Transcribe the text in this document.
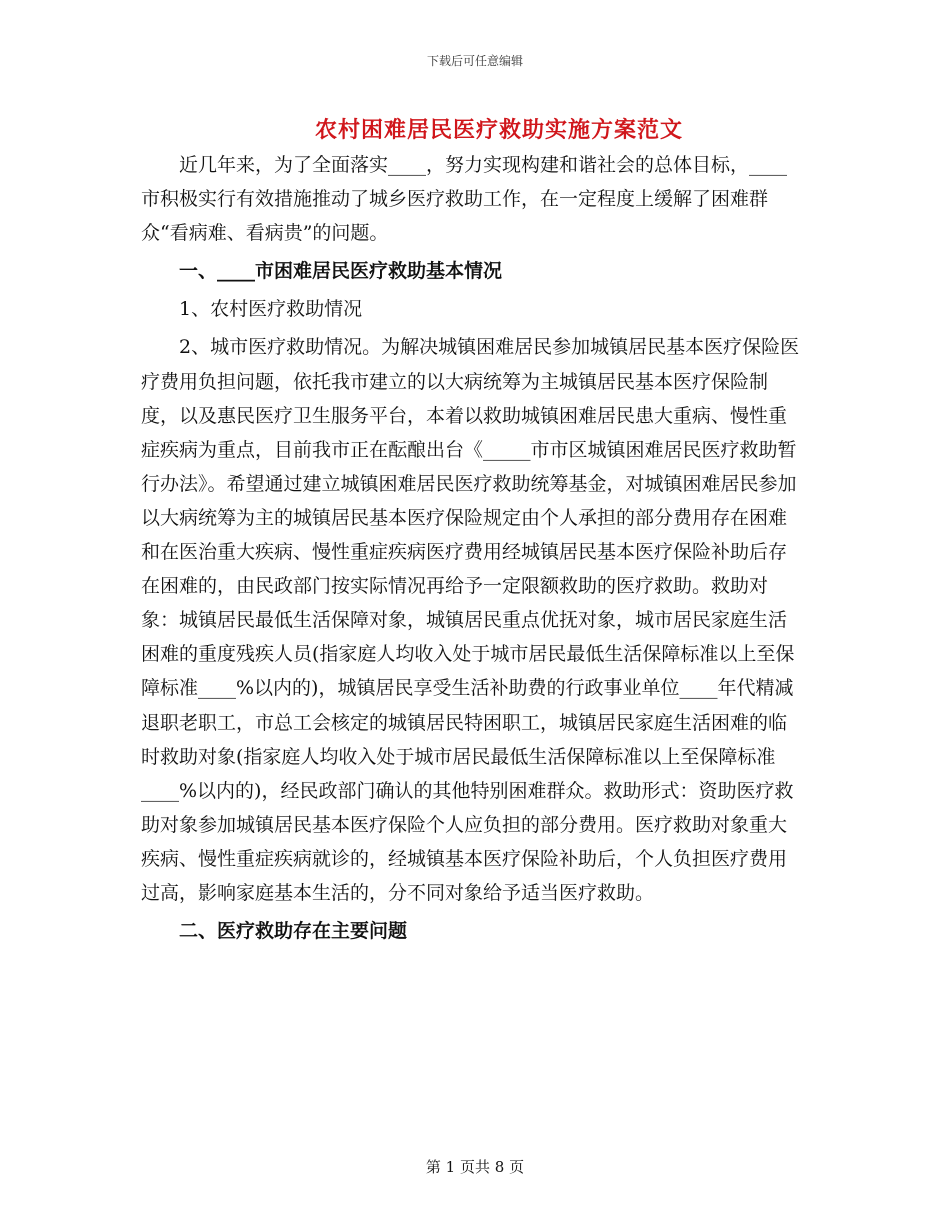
下载后可任意编辑
农村困难居民医疗救助实施方案范文

近几年来，为了全面落实____，努力实现构建和谐社会的总体目标，____市积极实行有效措施推动了城乡医疗救助工作，在一定程度上缓解了困难群众“看病难、看病贵”的问题。

一、____市困难居民医疗救助基本情况

1、农村医疗救助情况

2、城市医疗救助情况。为解决城镇困难居民参加城镇居民基本医疗保险医疗费用负担问题，依托我市建立的以大病统筹为主城镇居民基本医疗保险制度，以及惠民医疗卫生服务平台，本着以救助城镇困难居民患大重病、慢性重症疾病为重点，目前我市正在酝酿出台《_____市市区城镇困难居民医疗救助暂行办法》。希望通过建立城镇困难居民医疗救助统筹基金，对城镇困难居民参加以大病统筹为主的城镇居民基本医疗保险规定由个人承担的部分费用存在困难和在医治重大疾病、慢性重症疾病医疗费用经城镇居民基本医疗保险补助后存在困难的，由民政部门按实际情况再给予一定限额救助的医疗救助。救助对象：城镇居民最低生活保障对象，城镇居民重点优抚对象，城市居民家庭生活困难的重度残疾人员(指家庭人均收入处于城市居民最低生活保障标准以上至保障标准____%以内的)，城镇居民享受生活补助费的行政事业单位____年代精减退职老职工，市总工会核定的城镇居民特困职工，城镇居民家庭生活困难的临时救助对象(指家庭人均收入处于城市居民最低生活保障标准以上至保障标准____%以内的)，经民政部门确认的其他特别困难群众。救助形式：资助医疗救助对象参加城镇居民基本医疗保险个人应负担的部分费用。医疗救助对象重大疾病、慢性重症疾病就诊的，经城镇基本医疗保险补助后，个人负担医疗费用过高，影响家庭基本生活的，分不同对象给予适当医疗救助。

二、医疗救助存在主要问题

第 1 页共 8 页
